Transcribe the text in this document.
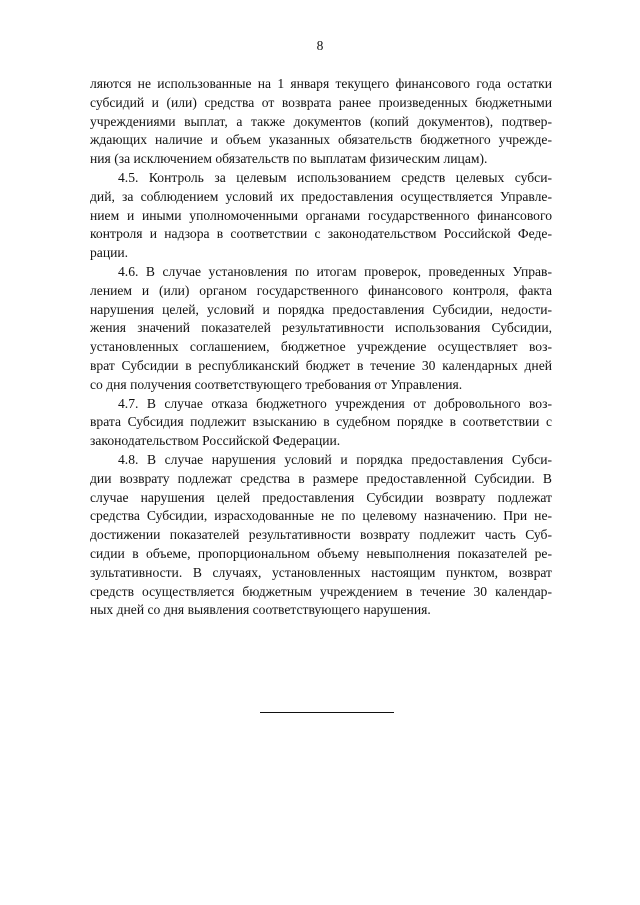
8
ляются не использованные на 1 января текущего финансового года остатки
субсидий и (или) средства от возврата ранее произведенных бюджетными
учреждениями выплат, а также документов (копий документов), подтвер-
ждающих наличие и объем указанных обязательств бюджетного учрежде-
ния (за исключением обязательств по выплатам физическим лицам).
4.5. Контроль за целевым использованием средств целевых субси-
дий, за соблюдением условий их предоставления осуществляется Управле-
нием и иными уполномоченными органами государственного финансового
контроля и надзора в соответствии с законодательством Российской Феде-
рации.
4.6. В случае установления по итогам проверок, проведенных Управ-
лением и (или) органом государственного финансового контроля, факта
нарушения целей, условий и порядка предоставления Субсидии, недости-
жения значений показателей результативности использования Субсидии,
установленных соглашением, бюджетное учреждение осуществляет воз-
врат Субсидии в республиканский бюджет в течение 30 календарных дней
со дня получения соответствующего требования от Управления.
4.7. В случае отказа бюджетного учреждения от добровольного воз-
врата Субсидия подлежит взысканию в судебном порядке в соответствии с
законодательством Российской Федерации.
4.8. В случае нарушения условий и порядка предоставления Субси-
дии возврату подлежат средства в размере предоставленной Субсидии. В
случае нарушения целей предоставления Субсидии возврату подлежат
средства Субсидии, израсходованные не по целевому назначению. При не-
достижении показателей результативности возврату подлежит часть Суб-
сидии в объеме, пропорциональном объему невыполнения показателей ре-
зультативности. В случаях, установленных настоящим пунктом, возврат
средств осуществляется бюджетным учреждением в течение 30 календар-
ных дней со дня выявления соответствующего нарушения.
